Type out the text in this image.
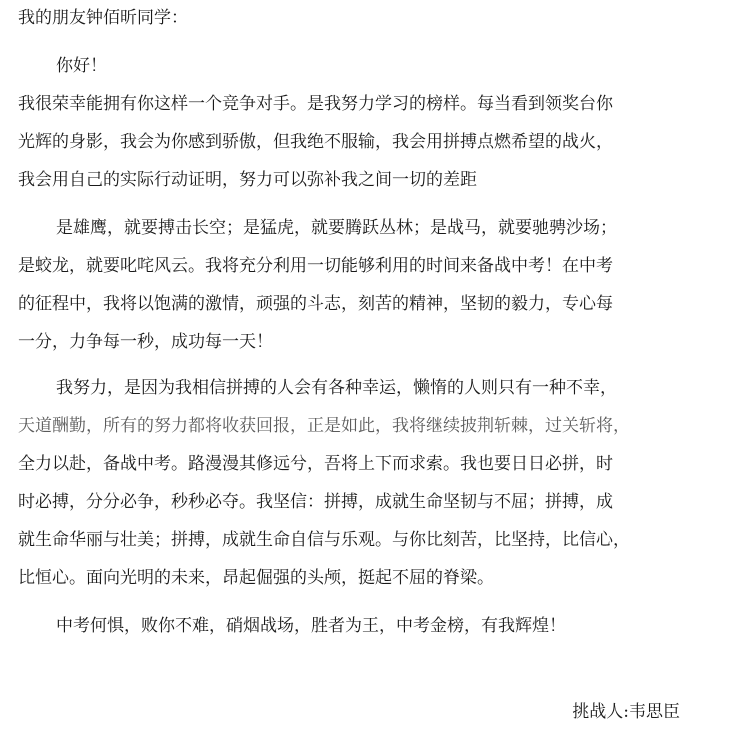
我的朋友钟佰昕同学：
你好！
我很荣幸能拥有你这样一个竞争对手。是我努力学习的榜样。每当看到领奖台你
光辉的身影，我会为你感到骄傲，但我绝不服输，我会用拼搏点燃希望的战火，
我会用自己的实际行动证明，努力可以弥补我之间一切的差距
是雄鹰，就要搏击长空；是猛虎，就要腾跃丛林；是战马，就要驰骋沙场；
是蛟龙，就要叱咤风云。我将充分利用一切能够利用的时间来备战中考！在中考
的征程中，我将以饱满的激情，顽强的斗志，刻苦的精神，坚韧的毅力，专心每
一分，力争每一秒，成功每一天！
我努力，是因为我相信拼搏的人会有各种幸运，懒惰的人则只有一种不幸，
天道酬勤，所有的努力都将收获回报，正是如此，我将继续披荆斩棘，过关斩将，
全力以赴，备战中考。路漫漫其修远兮，吾将上下而求索。我也要日日必拼，时
时必搏，分分必争，秒秒必夺。我坚信：拼搏，成就生命坚韧与不屈；拼搏，成
就生命华丽与壮美；拼搏，成就生命自信与乐观。与你比刻苦，比坚持，比信心，
比恒心。面向光明的未来，昂起倔强的头颅，挺起不屈的脊梁。
中考何惧，败你不难，硝烟战场，胜者为王，中考金榜，有我辉煌！
挑战人:韦思臣
